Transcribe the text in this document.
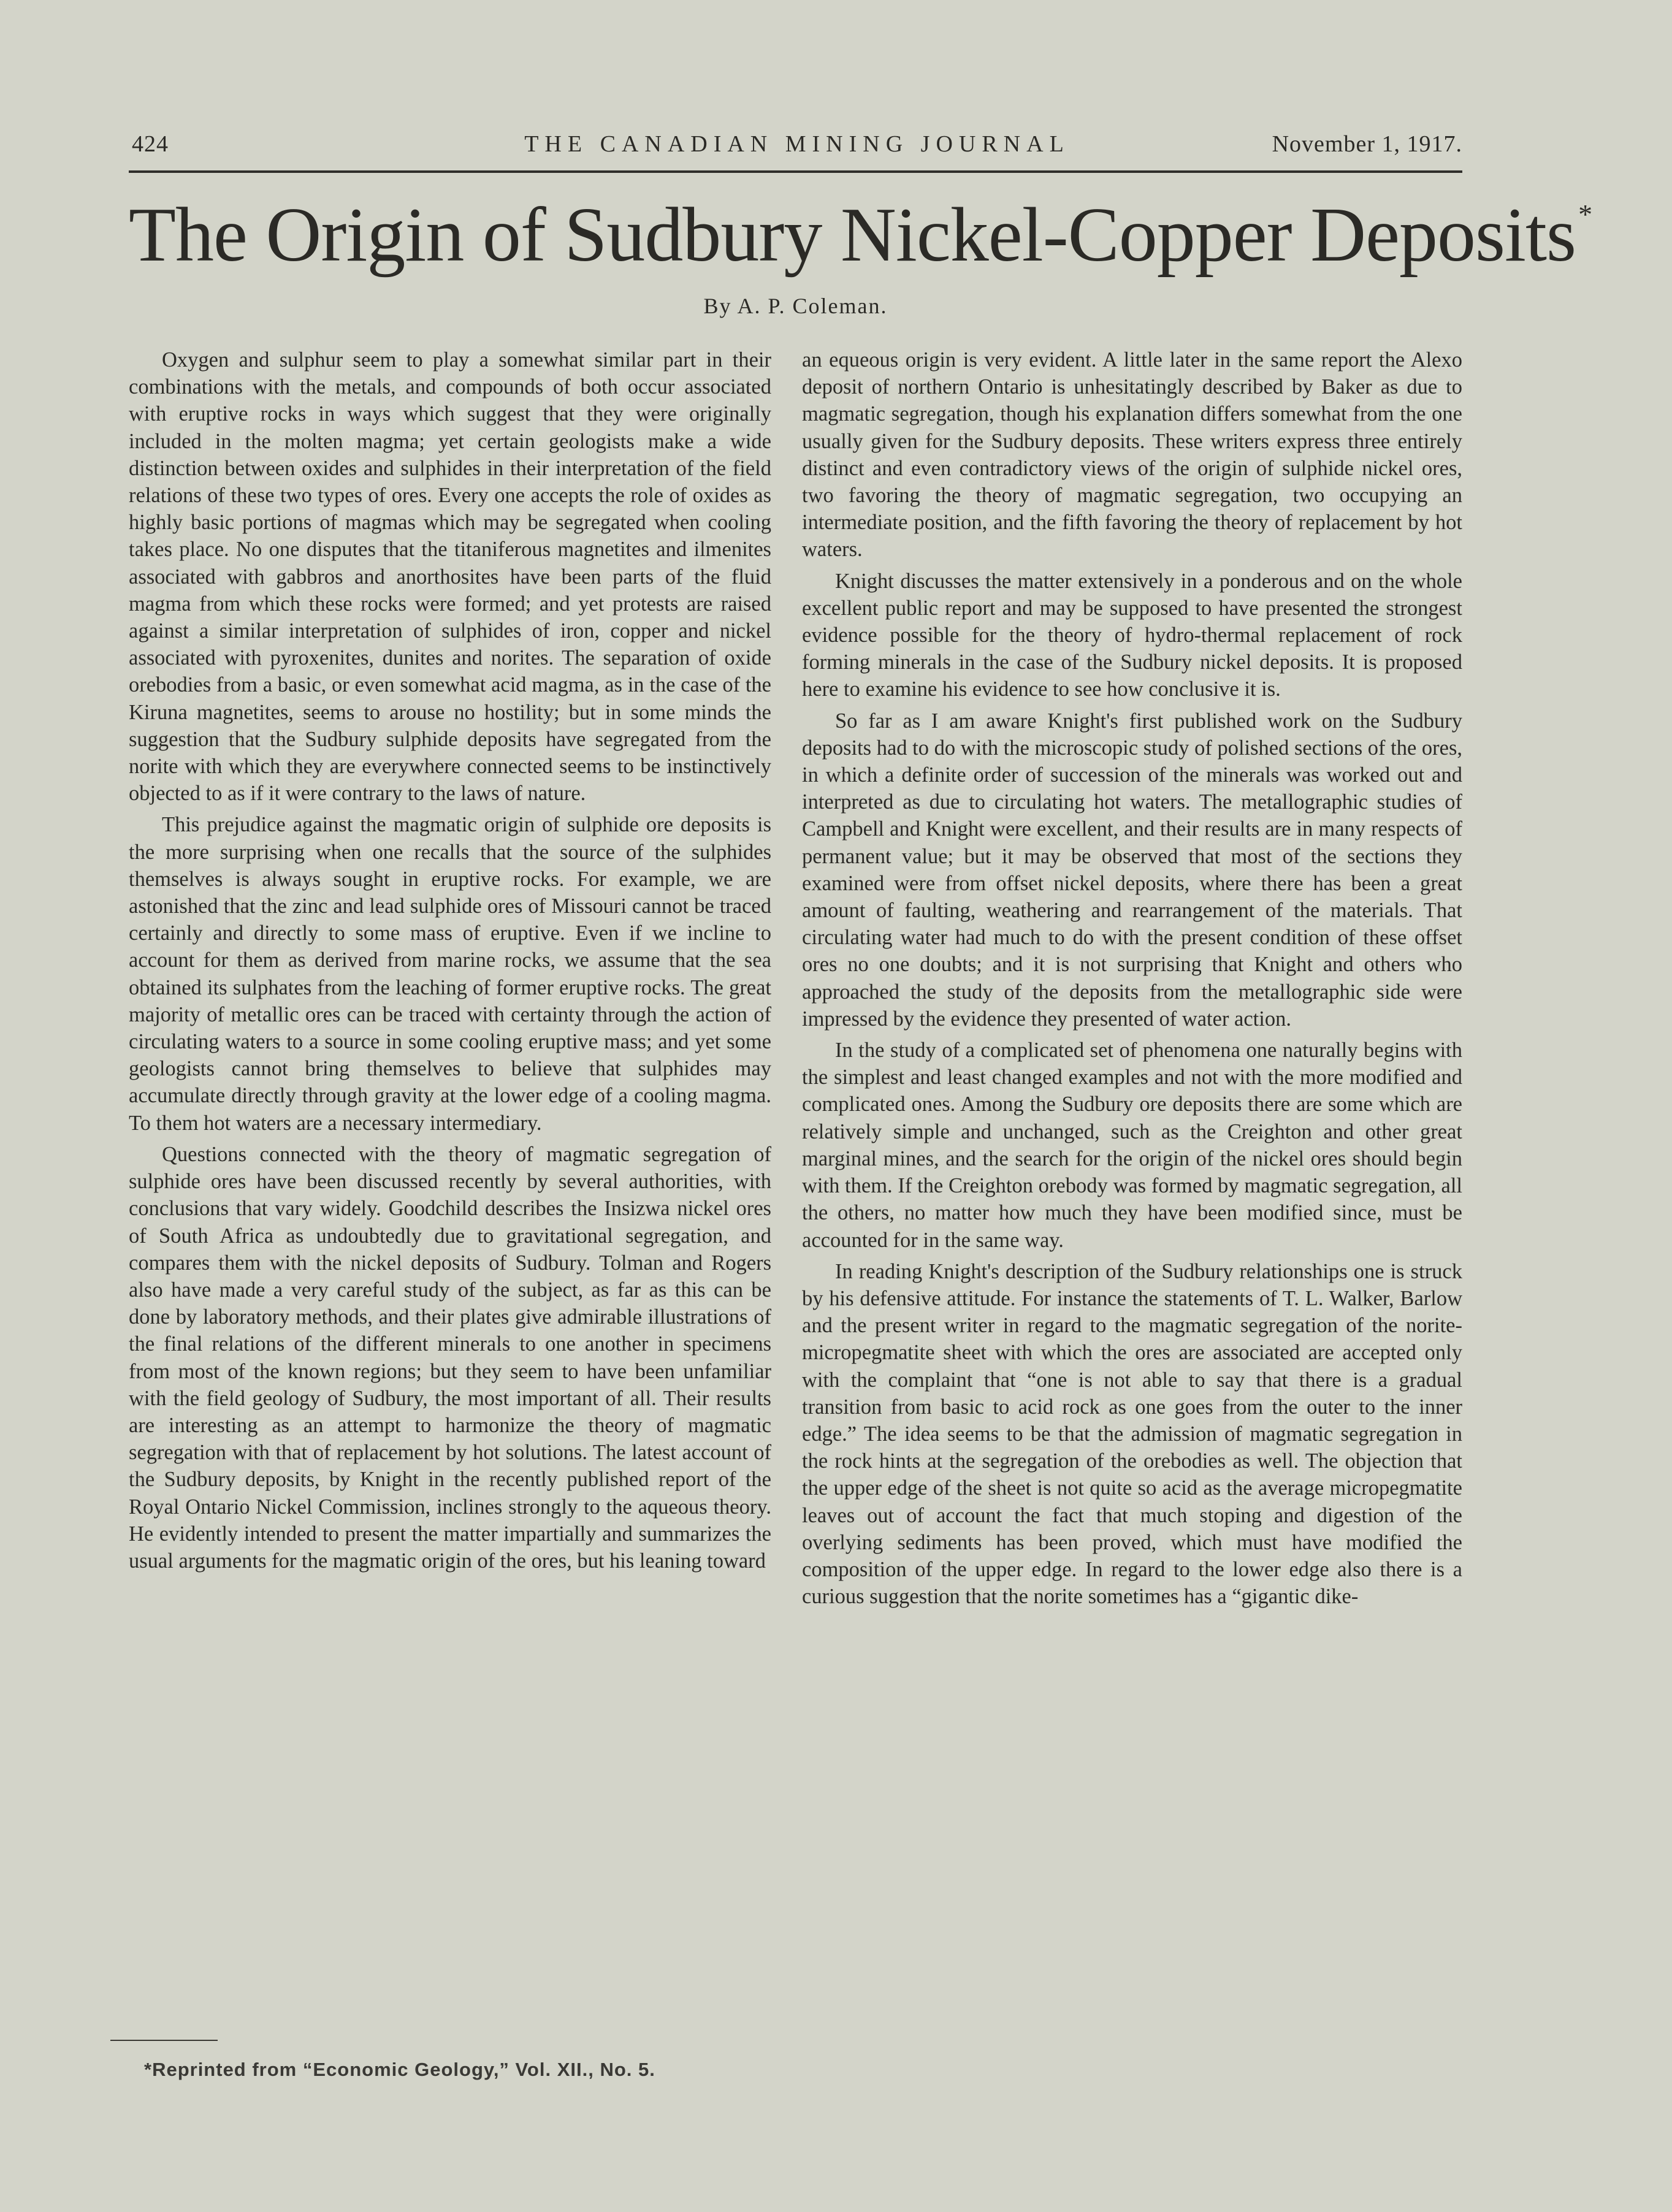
424	THE CANADIAN MINING JOURNAL	November 1, 1917.
The Origin of Sudbury Nickel-Copper Deposits*
By A. P. Coleman.

Oxygen and sulphur seem to play a somewhat similar part in their combinations with the metals, and compounds of both occur associated with eruptive rocks in ways which suggest that they were originally included in the molten magma; yet certain geologists make a wide distinction between oxides and sulphides in their interpretation of the field relations of these two types of ores. Every one accepts the role of oxides as highly basic portions of magmas which may be segregated when cooling takes place. No one disputes that the titaniferous magnetites and ilmenites associated with gabbros and anorthosites have been parts of the fluid magma from which these rocks were formed; and yet protests are raised against a similar interpretation of sulphides of iron, copper and nickel associated with pyroxenites, dunites and norites. The separation of oxide orebodies from a basic, or even somewhat acid magma, as in the case of the Kiruna magnetites, seems to arouse no hostility; but in some minds the suggestion that the Sudbury sulphide deposits have segregated from the norite with which they are everywhere connected seems to be instinctively objected to as if it were contrary to the laws of nature.

This prejudice against the magmatic origin of sulphide ore deposits is the more surprising when one recalls that the source of the sulphides themselves is always sought in eruptive rocks. For example, we are astonished that the zinc and lead sulphide ores of Missouri cannot be traced certainly and directly to some mass of eruptive. Even if we incline to account for them as derived from marine rocks, we assume that the sea obtained its sulphates from the leaching of former eruptive rocks. The great majority of metallic ores can be traced with certainty through the action of circulating waters to a source in some cooling eruptive mass; and yet some geologists cannot bring themselves to believe that sulphides may accumulate directly through gravity at the lower edge of a cooling magma. To them hot waters are a necessary intermediary.

Questions connected with the theory of magmatic segregation of sulphide ores have been discussed recently by several authorities, with conclusions that vary widely. Goodchild describes the Insizwa nickel ores of South Africa as undoubtedly due to gravitational segregation, and compares them with the nickel deposits of Sudbury. Tolman and Rogers also have made a very careful study of the subject, as far as this can be done by laboratory methods, and their plates give admirable illustrations of the final relations of the different minerals to one another in specimens from most of the known regions; but they seem to have been unfamiliar with the field geology of Sudbury, the most important of all. Their results are interesting as an attempt to harmonize the theory of magmatic segregation with that of replacement by hot solutions. The latest account of the Sudbury deposits, by Knight in the recently published report of the Royal Ontario Nickel Commission, inclines strongly to the aqueous theory. He evidently intended to present the matter impartially and summarizes the usual arguments for the magmatic origin of the ores, but his leaning toward

an equeous origin is very evident. A little later in the same report the Alexo deposit of northern Ontario is unhesitatingly described by Baker as due to magmatic segregation, though his explanation differs somewhat from the one usually given for the Sudbury deposits. These writers express three entirely distinct and even contradictory views of the origin of sulphide nickel ores, two favoring the theory of magmatic segregation, two occupying an intermediate position, and the fifth favoring the theory of replacement by hot waters.

Knight discusses the matter extensively in a ponderous and on the whole excellent public report and may be supposed to have presented the strongest evidence possible for the theory of hydro-thermal replacement of rock forming minerals in the case of the Sudbury nickel deposits. It is proposed here to examine his evidence to see how conclusive it is.

So far as I am aware Knight's first published work on the Sudbury deposits had to do with the microscopic study of polished sections of the ores, in which a definite order of succession of the minerals was worked out and interpreted as due to circulating hot waters. The metallographic studies of Campbell and Knight were excellent, and their results are in many respects of permanent value; but it may be observed that most of the sections they examined were from offset nickel deposits, where there has been a great amount of faulting, weathering and rearrangement of the materials. That circulating water had much to do with the present condition of these offset ores no one doubts; and it is not surprising that Knight and others who approached the study of the deposits from the metallographic side were impressed by the evidence they presented of water action.

In the study of a complicated set of phenomena one naturally begins with the simplest and least changed examples and not with the more modified and complicated ones. Among the Sudbury ore deposits there are some which are relatively simple and unchanged, such as the Creighton and other great marginal mines, and the search for the origin of the nickel ores should begin with them. If the Creighton orebody was formed by magmatic segregation, all the others, no matter how much they have been modified since, must be accounted for in the same way.

In reading Knight's description of the Sudbury relationships one is struck by his defensive attitude. For instance the statements of T. L. Walker, Barlow and the present writer in regard to the magmatic segregation of the norite-micropegmatite sheet with which the ores are associated are accepted only with the complaint that “one is not able to say that there is a gradual transition from basic to acid rock as one goes from the outer to the inner edge.” The idea seems to be that the admission of magmatic segregation in the rock hints at the segregation of the orebodies as well. The objection that the upper edge of the sheet is not quite so acid as the average micropegmatite leaves out of account the fact that much stoping and digestion of the overlying sediments has been proved, which must have modified the composition of the upper edge. In regard to the lower edge also there is a curious suggestion that the norite sometimes has a “gigantic dike-

*Reprinted from “Economic Geology,” Vol. XII., No. 5.
